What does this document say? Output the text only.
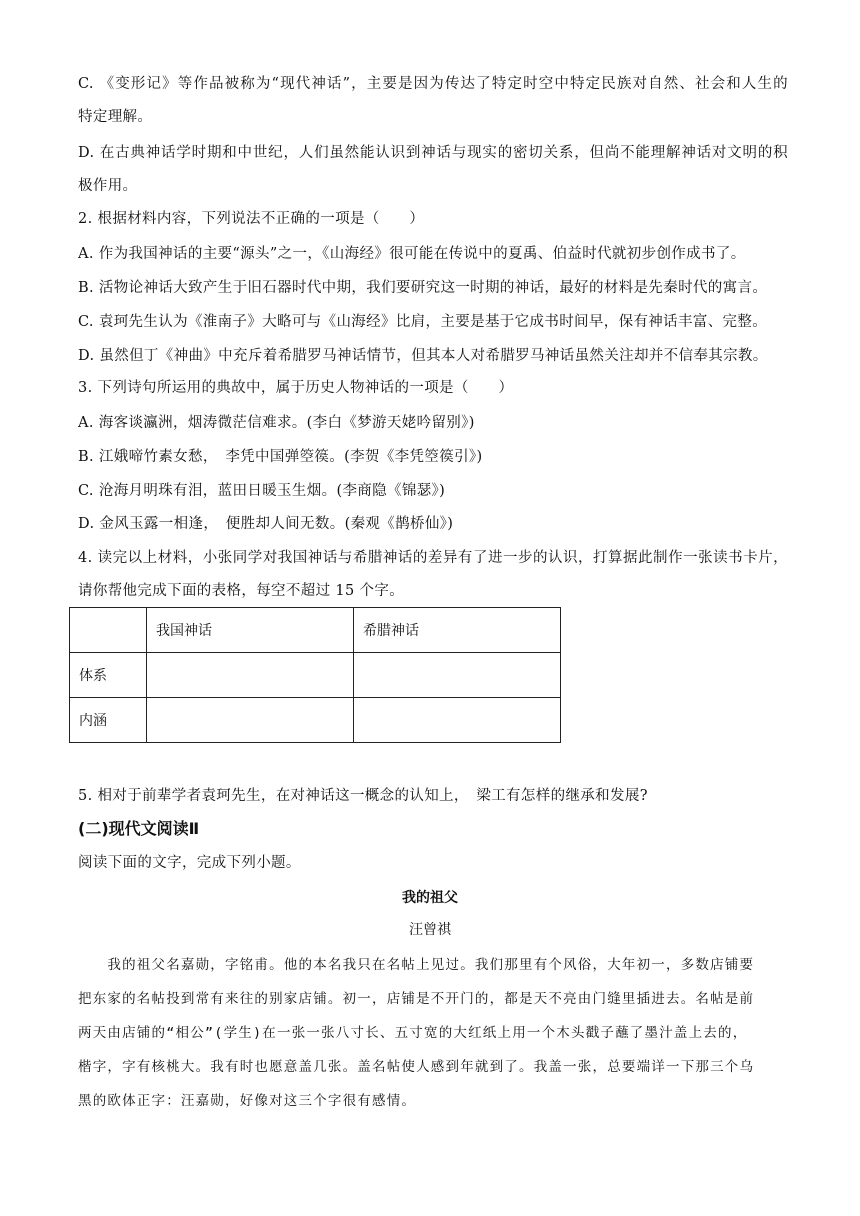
C. 《变形记》等作品被称为“现代神话”，主要是因为传达了特定时空中特定民族对自然、社会和人生的
特定理解。
D. 在古典神话学时期和中世纪，人们虽然能认识到神话与现实的密切关系，但尚不能理解神话对文明的积
极作用。
2. 根据材料内容，下列说法不正确的一项是（　　）
A. 作为我国神话的主要“源头”之一，《山海经》很可能在传说中的夏禹、伯益时代就初步创作成书了。
B. 活物论神话大致产生于旧石器时代中期，我们要研究这一时期的神话，最好的材料是先秦时代的寓言。
C. 袁珂先生认为《淮南子》大略可与《山海经》比肩，主要是基于它成书时间早，保有神话丰富、完整。
D. 虽然但丁《神曲》中充斥着希腊罗马神话情节，但其本人对希腊罗马神话虽然关注却并不信奉其宗教。
3. 下列诗句所运用的典故中，属于历史人物神话的一项是（　　）
A. 海客谈瀛洲，烟涛微茫信难求。(李白《梦游天姥吟留别》)
B. 江娥啼竹素女愁，　李凭中国弹箜篌。(李贺《李凭箜篌引》)
C. 沧海月明珠有泪，蓝田日暖玉生烟。(李商隐《锦瑟》)
D. 金风玉露一相逢，　便胜却人间无数。(秦观《鹊桥仙》)
4. 读完以上材料，小张同学对我国神话与希腊神话的差异有了进一步的认识，打算据此制作一张读书卡片，
请你帮他完成下面的表格，每空不超过 15 个字。
	我国神话	希腊神话
体系		
内涵		
5. 相对于前辈学者袁珂先生，在对神话这一概念的认知上，　梁工有怎样的继承和发展?
(二)现代文阅读Ⅱ
阅读下面的文字，完成下列小题。
我的祖父
汪曾祺
　　我的祖父名嘉勋，字铭甫。他的本名我只在名帖上见过。我们那里有个风俗，大年初一，多数店铺要
把东家的名帖投到常有来往的别家店铺。初一，店铺是不开门的，都是天不亮由门缝里插进去。名帖是前
两天由店铺的“相公”(学生)在一张一张八寸长、五寸宽的大红纸上用一个木头戳子蘸了墨汁盖上去的，
楷字，字有核桃大。我有时也愿意盖几张。盖名帖使人感到年就到了。我盖一张，总要端详一下那三个乌
黑的欧体正字：汪嘉勋，好像对这三个字很有感情。
